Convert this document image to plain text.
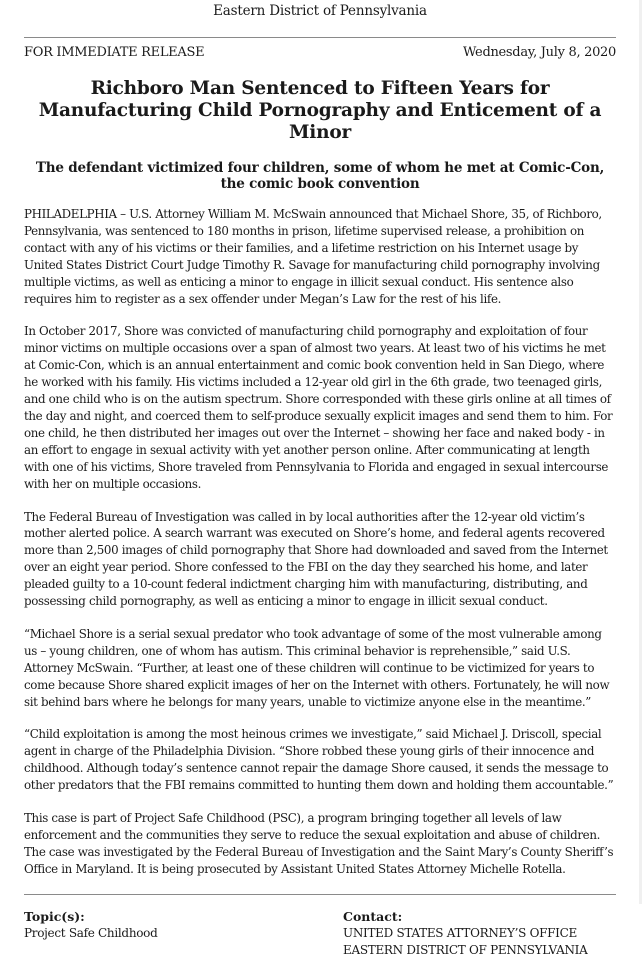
Eastern District of Pennsylvania
FOR IMMEDIATE RELEASE	Wednesday, July 8, 2020
Richboro Man Sentenced to Fifteen Years for Manufacturing Child Pornography and Enticement of a Minor
The defendant victimized four children, some of whom he met at Comic-Con, the comic book convention

PHILADELPHIA – U.S. Attorney William M. McSwain announced that Michael Shore, 35, of Richboro, Pennsylvania, was sentenced to 180 months in prison, lifetime supervised release, a prohibition on contact with any of his victims or their families, and a lifetime restriction on his Internet usage by United States District Court Judge Timothy R. Savage for manufacturing child pornography involving multiple victims, as well as enticing a minor to engage in illicit sexual conduct. His sentence also requires him to register as a sex offender under Megan’s Law for the rest of his life.

In October 2017, Shore was convicted of manufacturing child pornography and exploitation of four minor victims on multiple occasions over a span of almost two years. At least two of his victims he met at Comic-Con, which is an annual entertainment and comic book convention held in San Diego, where he worked with his family. His victims included a 12-year old girl in the 6th grade, two teenaged girls, and one child who is on the autism spectrum. Shore corresponded with these girls online at all times of the day and night, and coerced them to self-produce sexually explicit images and send them to him. For one child, he then distributed her images out over the Internet – showing her face and naked body - in an effort to engage in sexual activity with yet another person online. After communicating at length with one of his victims, Shore traveled from Pennsylvania to Florida and engaged in sexual intercourse with her on multiple occasions.

The Federal Bureau of Investigation was called in by local authorities after the 12-year old victim’s mother alerted police. A search warrant was executed on Shore’s home, and federal agents recovered more than 2,500 images of child pornography that Shore had downloaded and saved from the Internet over an eight year period. Shore confessed to the FBI on the day they searched his home, and later pleaded guilty to a 10-count federal indictment charging him with manufacturing, distributing, and possessing child pornography, as well as enticing a minor to engage in illicit sexual conduct.

“Michael Shore is a serial sexual predator who took advantage of some of the most vulnerable among us – young children, one of whom has autism. This criminal behavior is reprehensible,” said U.S. Attorney McSwain. “Further, at least one of these children will continue to be victimized for years to come because Shore shared explicit images of her on the Internet with others. Fortunately, he will now sit behind bars where he belongs for many years, unable to victimize anyone else in the meantime.”

“Child exploitation is among the most heinous crimes we investigate,” said Michael J. Driscoll, special agent in charge of the Philadelphia Division. “Shore robbed these young girls of their innocence and childhood. Although today’s sentence cannot repair the damage Shore caused, it sends the message to other predators that the FBI remains committed to hunting them down and holding them accountable.”

This case is part of Project Safe Childhood (PSC), a program bringing together all levels of law enforcement and the communities they serve to reduce the sexual exploitation and abuse of children. The case was investigated by the Federal Bureau of Investigation and the Saint Mary’s County Sheriff’s Office in Maryland. It is being prosecuted by Assistant United States Attorney Michelle Rotella.

Topic(s):
Project Safe Childhood
Contact:
UNITED STATES ATTORNEY’S OFFICE
EASTERN DISTRICT OF PENNSYLVANIA
